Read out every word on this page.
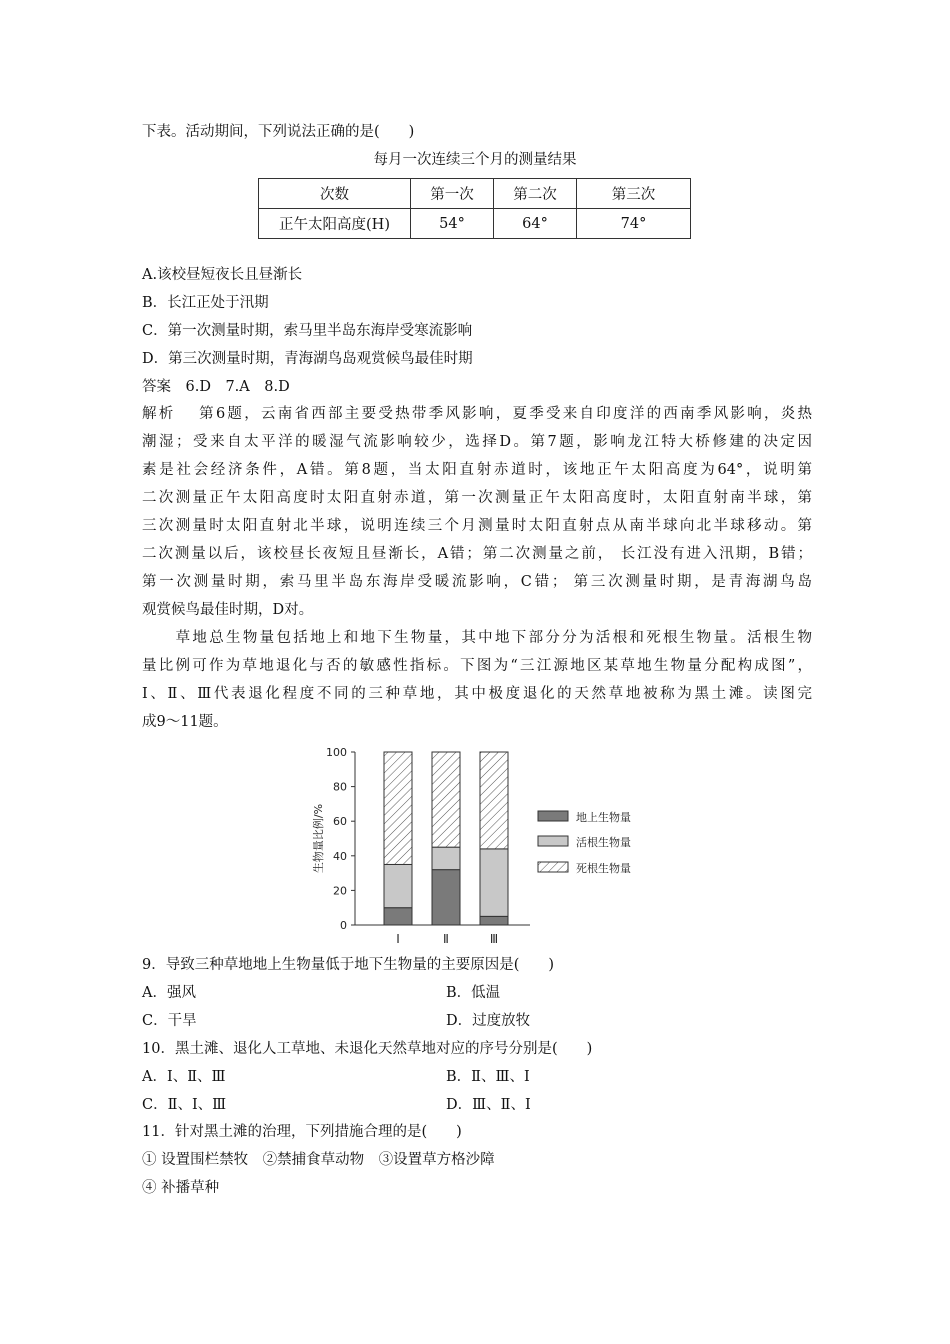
下表。活动期间，下列说法正确的是(　　)
每月一次连续三个月的测量结果
次数	第一次	第二次	第三次
正午太阳高度(H)	54°	64°	74°
A.该校昼短夜长且昼渐长
B．长江正处于汛期
C．第一次测量时期，索马里半岛东海岸受寒流影响
D．第三次测量时期，青海湖鸟岛观赏候鸟最佳时期
答案　6.D　7.A　8.D
解析　 第6题，云南省西部主要受热带季风影响，夏季受来自印度洋的西南季风影响，炎热
潮湿；受来自太平洋的暖湿气流影响较少，选择D。第7题，影响龙江特大桥修建的决定因
素是社会经济条件，A错。第8题，当太阳直射赤道时，该地正午太阳高度为64°，说明第
二次测量正午太阳高度时太阳直射赤道，第一次测量正午太阳高度时，太阳直射南半球，第
三次测量时太阳直射北半球，说明连续三个月测量时太阳直射点从南半球向北半球移动。第
二次测量以后，该校昼长夜短且昼渐长，A错；第二次测量之前， 长江没有进入汛期，B错；
第一次测量时期，索马里半岛东海岸受暖流影响，C错； 第三次测量时期，是青海湖鸟岛
观赏候鸟最佳时期，D对。
　　草地总生物量包括地上和地下生物量，其中地下部分分为活根和死根生物量。活根生物
量比例可作为草地退化与否的敏感性指标。下图为“三江源地区某草地生物量分配构成图”，
Ⅰ、Ⅱ、Ⅲ代表退化程度不同的三种草地，其中极度退化的天然草地被称为黑土滩。读图完
成9～11题。
0
20
40
60
80
100
生物量比例/%
Ⅰ	Ⅱ	Ⅲ
地上生物量
活根生物量
死根生物量
9．导致三种草地地上生物量低于地下生物量的主要原因是(　　)
A．强风	B．低温
C．干旱	D．过度放牧
10．黑土滩、退化人工草地、未退化天然草地对应的序号分别是(　　)
A．Ⅰ、Ⅱ、Ⅲ	B．Ⅱ、Ⅲ、Ⅰ
C．Ⅱ、Ⅰ、Ⅲ	D．Ⅲ、Ⅱ、Ⅰ
11．针对黑土滩的治理，下列措施合理的是(　　)
① 设置围栏禁牧　②禁捕食草动物　③设置草方格沙障
④ 补播草种
